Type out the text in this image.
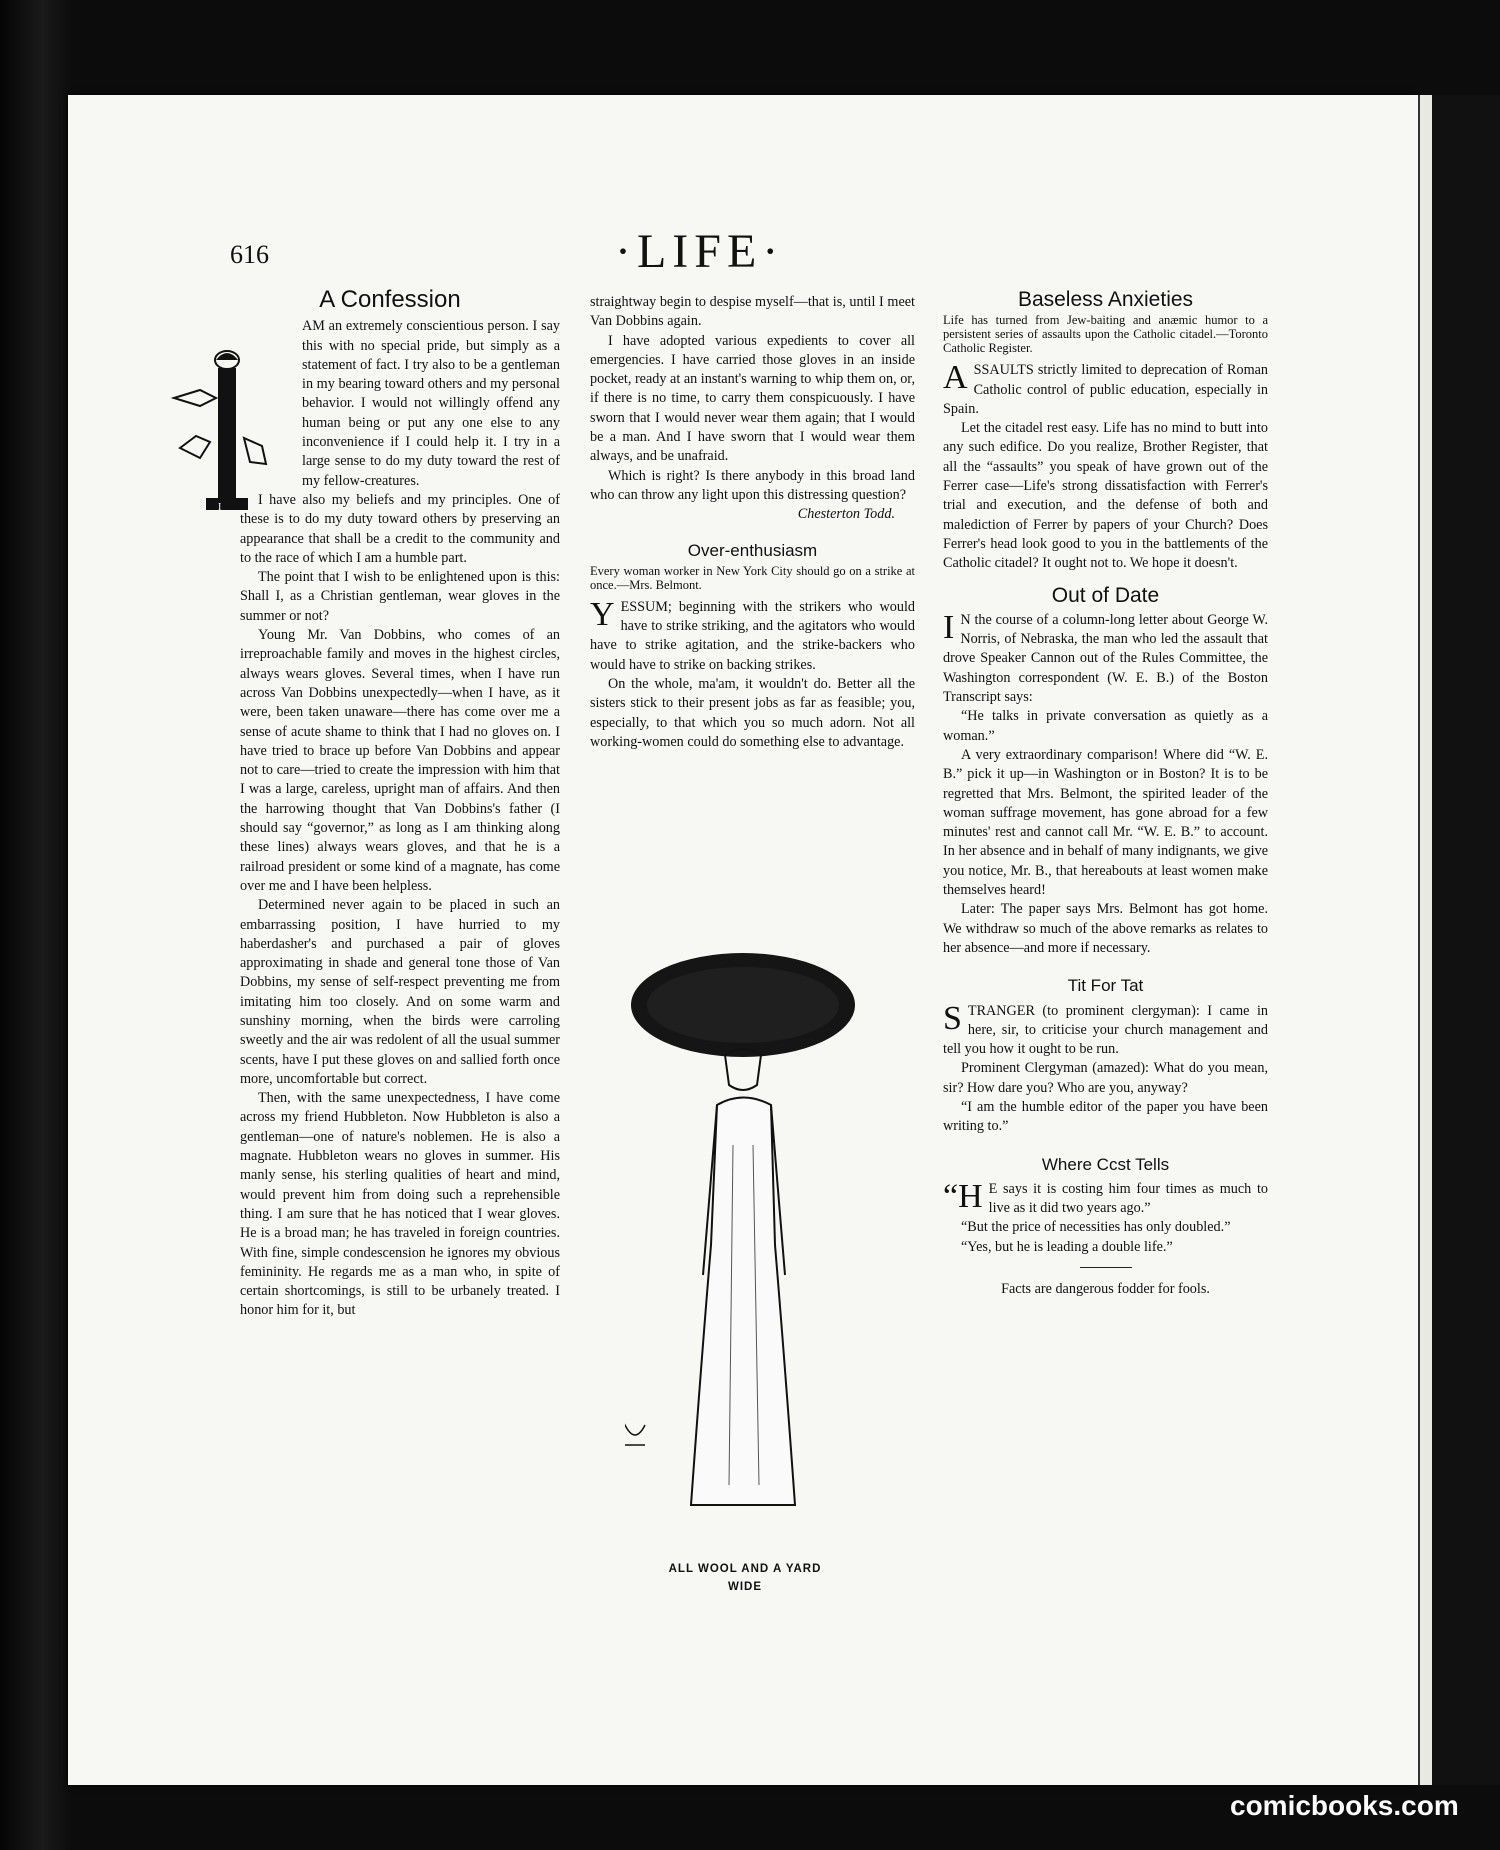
616	·LIFE·
I
A Confession

AM an extremely conscientious person. I say this with no special pride, but simply as a statement of fact. I try also to be a gentleman in my bearing toward others and my personal behavior. I would not willingly offend any human being or put any one else to any inconvenience if I could help it. I try in a large sense to do my duty toward the rest of my fellow-creatures.

I have also my beliefs and my principles. One of these is to do my duty toward others by preserving an appearance that shall be a credit to the community and to the race of which I am a humble part.

The point that I wish to be enlightened upon is this: Shall I, as a Christian gentleman, wear gloves in the summer or not?

Young Mr. Van Dobbins, who comes of an irreproachable family and moves in the highest circles, always wears gloves. Several times, when I have run across Van Dobbins unexpectedly—when I have, as it were, been taken unaware—there has come over me a sense of acute shame to think that I had no gloves on. I have tried to brace up before Van Dobbins and appear not to care—tried to create the impression with him that I was a large, careless, upright man of affairs. And then the harrowing thought that Van Dobbins's father (I should say “governor,” as long as I am thinking along these lines) always wears gloves, and that he is a railroad president or some kind of a magnate, has come over me and I have been helpless.

Determined never again to be placed in such an embarrassing position, I have hurried to my haberdasher's and purchased a pair of gloves approximating in shade and general tone those of Van Dobbins, my sense of self-respect preventing me from imitating him too closely. And on some warm and sunshiny morning, when the birds were carroling sweetly and the air was redolent of all the usual summer scents, have I put these gloves on and sallied forth once more, uncomfortable but correct.

Then, with the same unexpectedness, I have come across my friend Hubbleton. Now Hubbleton is also a gentleman—one of nature's noblemen. He is also a magnate. Hubbleton wears no gloves in summer. His manly sense, his sterling qualities of heart and mind, would prevent him from doing such a reprehensible thing. I am sure that he has noticed that I wear gloves. He is a broad man; he has traveled in foreign countries. With fine, simple condescension he ignores my obvious femininity. He regards me as a man who, in spite of certain shortcomings, is still to be urbanely treated. I honor him for it, but

straightway begin to despise myself—that is, until I meet Van Dobbins again.

I have adopted various expedients to cover all emergencies. I have carried those gloves in an inside pocket, ready at an instant's warning to whip them on, or, if there is no time, to carry them conspicuously. I have sworn that I would never wear them again; that I would be a man. And I have sworn that I would wear them always, and be unafraid.

Which is right? Is there anybody in this broad land who can throw any light upon this distressing question?

Chesterton Todd.
Over-enthusiasm
Every woman worker in New York City should go on a strike at once.—Mrs. Belmont.

YESSUM; beginning with the strikers who would have to strike striking, and the agitators who would have to strike agitation, and the strike-backers who would have to strike on backing strikes.

On the whole, ma'am, it wouldn't do. Better all the sisters stick to their present jobs as far as feasible; you, especially, to that which you so much adorn. Not all working-women could do something else to advantage.

ALL WOOL AND A YARD
WIDE
Baseless Anxieties
Life has turned from Jew-baiting and anæmic humor to a persistent series of assaults upon the Catholic citadel.—Toronto Catholic Register.

ASSAULTS strictly limited to deprecation of Roman Catholic control of public education, especially in Spain.

Let the citadel rest easy. Life has no mind to butt into any such edifice. Do you realize, Brother Register, that all the “assaults” you speak of have grown out of the Ferrer case—Life's strong dissatisfaction with Ferrer's trial and execution, and the defense of both and malediction of Ferrer by papers of your Church? Does Ferrer's head look good to you in the battlements of the Catholic citadel? It ought not to. We hope it doesn't.

Out of Date

I N the course of a column-long letter about George W. Norris, of Nebraska, the man who led the assault that drove Speaker Cannon out of the Rules Committee, the Washington correspondent (W. E. B.) of the Boston Transcript says:

“He talks in private conversation as quietly as a woman.”

A very extraordinary comparison! Where did “W. E. B.” pick it up—in Washington or in Boston? It is to be regretted that Mrs. Belmont, the spirited leader of the woman suffrage movement, has gone abroad for a few minutes' rest and cannot call Mr. “W. E. B.” to account. In her absence and in behalf of many indignants, we give you notice, Mr. B., that hereabouts at least women make themselves heard!

Later: The paper says Mrs. Belmont has got home. We withdraw so much of the above remarks as relates to her absence—and more if necessary.

Tit For Tat

STRANGER (to prominent clergyman): I came in here, sir, to criticise your church management and tell you how it ought to be run.

Prominent Clergyman (amazed): What do you mean, sir? How dare you? Who are you, anyway?

“I am the humble editor of the paper you have been writing to.”

Where Ccst Tells

“H E says it is costing him four times as much to live as it did two years ago.”

“But the price of necessities has only doubled.”

“Yes, but he is leading a double life.”

Facts are dangerous fodder for fools.
comicbooks.com
